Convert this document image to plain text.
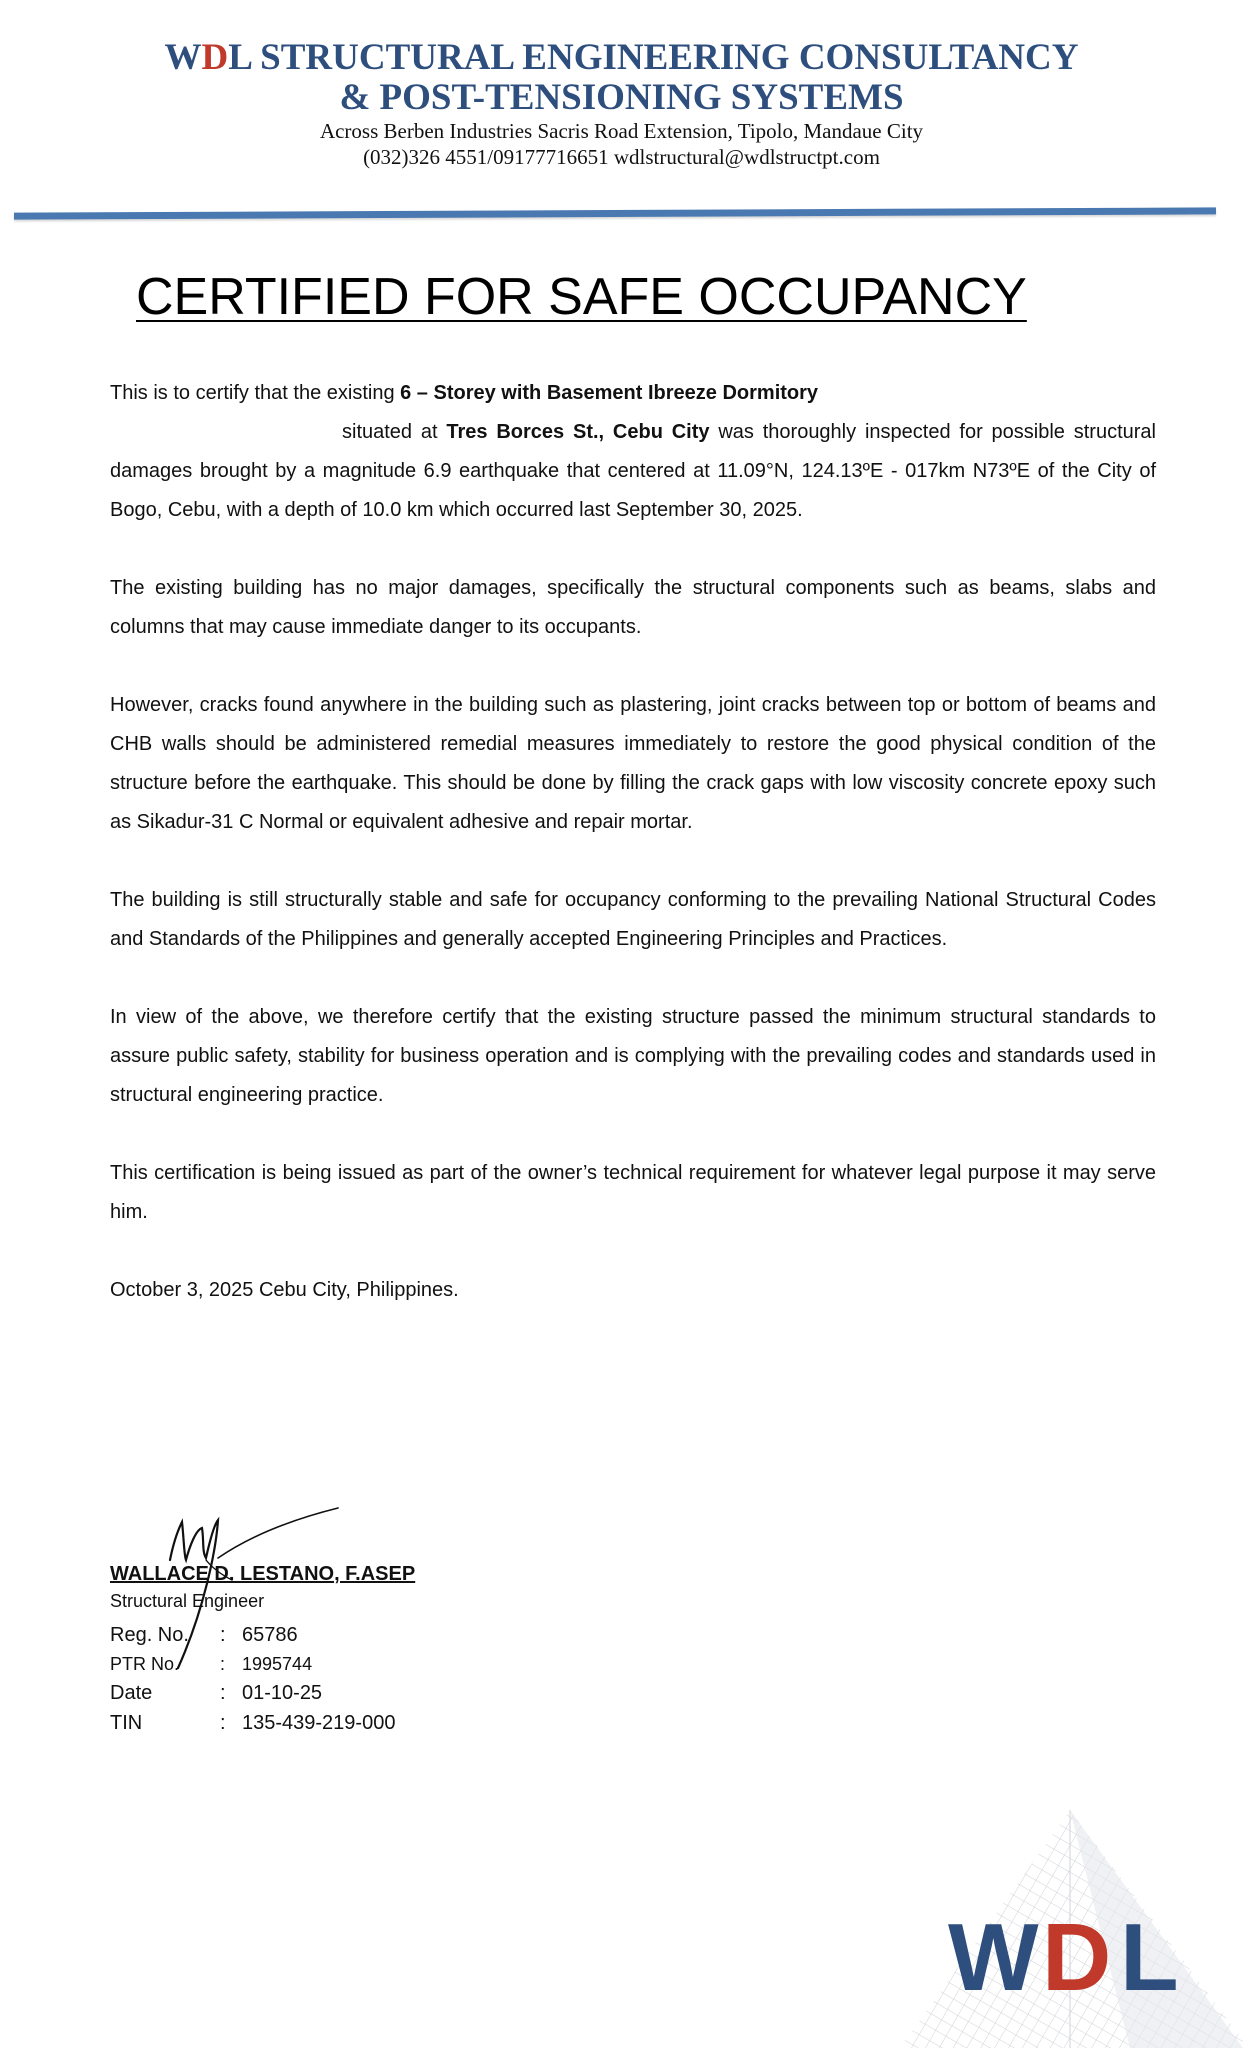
WDL STRUCTURAL ENGINEERING CONSULTANCY
& POST-TENSIONING SYSTEMS
Across Berben Industries Sacris Road Extension, Tipolo, Mandaue City
(032)326 4551/09177716651 wdlstructural@wdlstructpt.com
CERTIFIED FOR SAFE OCCUPANCY

This is to certify that the existing 6 – Storey with Basement Ibreeze Dormitory
situated at Tres Borces St., Cebu City was thoroughly inspected for possible structural damages brought by a magnitude 6.9 earthquake that centered at 11.09°N, 124.13ºE - 017km N73ºE of the City of Bogo, Cebu, with a depth of 10.0 km which occurred last September 30, 2025.

The existing building has no major damages, specifically the structural components such as beams, slabs and columns that may cause immediate danger to its occupants.

However, cracks found anywhere in the building such as plastering, joint cracks between top or bottom of beams and CHB walls should be administered remedial measures immediately to restore the good physical condition of the structure before the earthquake. This should be done by filling the crack gaps with low viscosity concrete epoxy such as Sikadur-31 C Normal or equivalent adhesive and repair mortar.

The building is still structurally stable and safe for occupancy conforming to the prevailing National Structural Codes and Standards of the Philippines and generally accepted Engineering Principles and Practices.

In view of the above, we therefore certify that the existing structure passed the minimum structural standards to assure public safety, stability for business operation and is complying with the prevailing codes and standards used in structural engineering practice.

This certification is being issued as part of the owner’s technical requirement for whatever legal purpose it may serve him.

October 3, 2025 Cebu City, Philippines.

WALLACE D. LESTANO, F.ASEP
Structural Engineer
Reg. No.	: 65786
PTR No.	: 1995744
Date	: 01-10-25
TIN	: 135-439-219-000
W D L
